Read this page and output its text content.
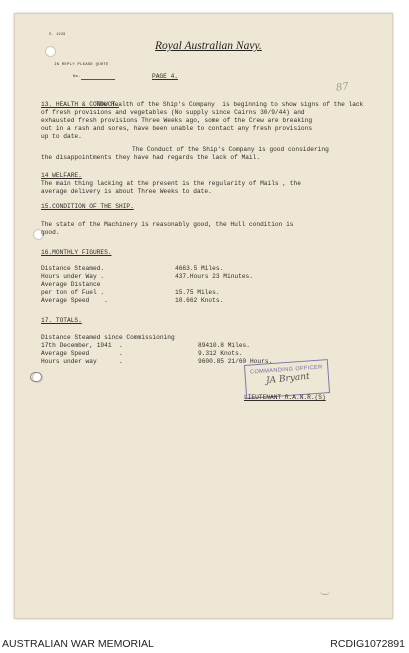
S. 1229
IN REPLY PLEASE QUOTE
No.
Royal Australian Navy.
PAGE 4.
87
13. HEALTH & CONDUCT.
The Health of the Ship's Company  is beginning to show signs of the lack
of fresh provisions and vegetables (No supply since Cairns 30/9/44) and
exhausted fresh provisions Three Weeks ago, some of the Crew are breaking
out in a rash and sores, have been unable to contact any fresh provisions
up to date.
The Conduct of the Ship's Company is good considering
the disappointments they have had regards the lack of Mail.
14 WELFARE.
The main thing lacking at the present is the regularity of Mails , the
average delivery is about Three Weeks to date.
15.CONDITION OF THE SHIP.
The state of the Machinery is reasonably good, the Hull condition is
good.
16.MONTHLY FIGURES.
Distance Steamed.	4663.5 Miles.
Hours under Way .	437.Hours 23 Minutes.
Average Distance
per ton of Fuel .	15.75 Miles.
Average Speed    .	10.662 Knots.
17. TOTALS.
Distance Steamed since Commissioning
17th December, 1941  .	89410.8 Miles.
Average Speed        .	9.312 Knots.
Hours under way      .	9600.85 21/60 Hours.
COMMANDING OFFICER
JA Bryant
LIEUTENANT R.A.N.R.(S)
AUSTRALIAN WAR MEMORIAL	RCDIG1072891
